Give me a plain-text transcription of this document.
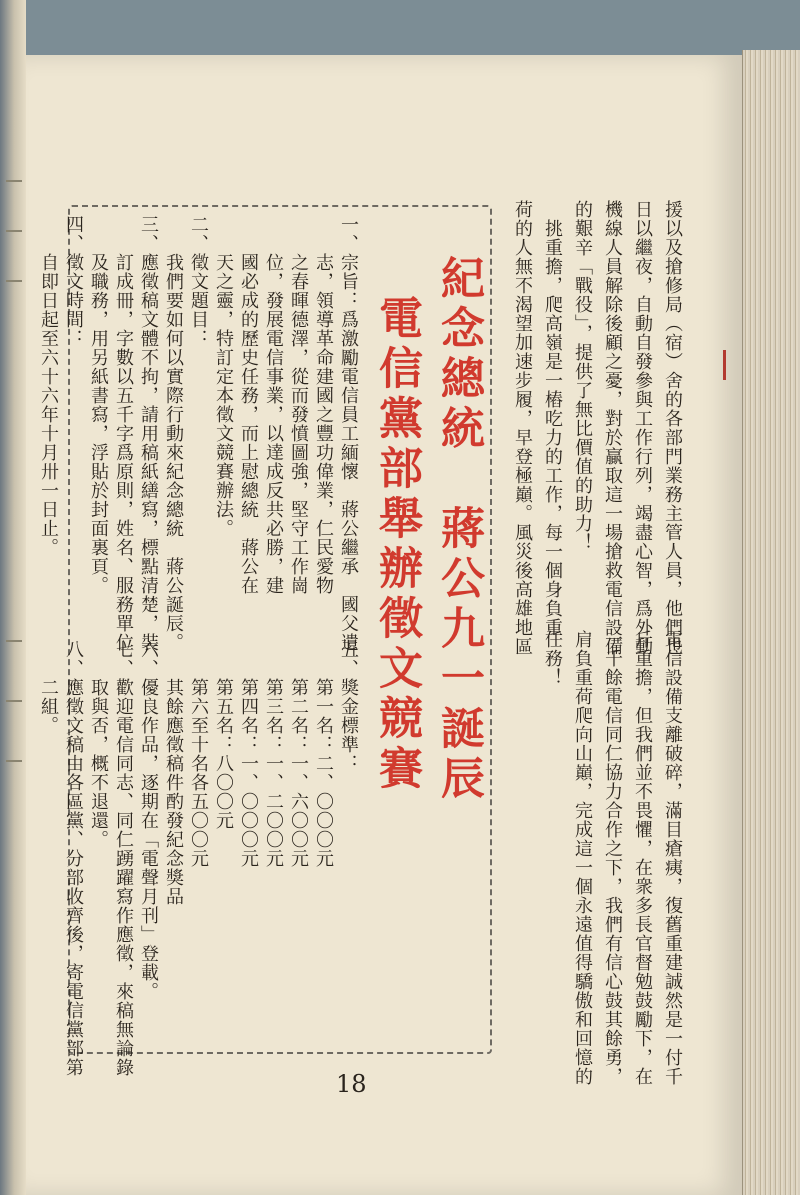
援以及搶修局（宿）舍的各部門業務主管人員，他們也
日以繼夜，自動自發參與工作行列，竭盡心智，爲外動
機線人員解除後顧之憂，對於贏取這一場搶救電信設備
的艱辛「戰役」，提供了無比價值的助力！
　挑重擔，爬高嶺是一樁吃力的工作，每一個身負重
荷的人無不渴望加速步履，早登極巔。風災後高雄地區
電信設備支離破碎，滿目瘡痍，復舊重建誠然是一付千
斤重擔，但我們並不畏懼，在衆多長官督勉鼓勵下，在
一千餘電信同仁協力合作之下，我們有信心鼓其餘勇，
肩負重荷爬向山巔，完成這一個永遠值得驕傲和回憶的
任務！
紀念總統　蔣公九一誕辰
電信黨部舉辦徵文競賽
一、宗旨：爲激勵電信員工緬懷　蔣公繼承　國父遺
　　志，領導革命建國之豐功偉業，仁民愛物
　　之春暉德澤，從而發憤圖強，堅守工作崗
　　位，發展電信事業，以達成反共必勝，建
　　國必成的歷史任務，而上慰總統　蔣公在
　　天之靈，特訂定本徵文競賽辦法。
二、徵文題目：
　　我們要如何以實際行動來紀念總統　蔣公誕辰。
三、應徵稿文體不拘，請用稿紙繕寫，標點清楚，裝
　　訂成冊，字數以五千字爲原則，姓名、服務單位
　　及職務，用另紙書寫，浮貼於封面裏頁。
四、徵文時間：
　　自即日起至六十六年十月卅一日止。
五、獎金標準：
　　第一名：二、〇〇〇元
　　第二名：一、六〇〇元
　　第三名：一、二〇〇元
　　第四名：一、〇〇〇元
　　第五名：八〇〇元
　　第六至十名各五〇〇元
　　其餘應徵稿件酌發紀念獎品
六、優良作品，逐期在「電聲月刊」登載。
七、歡迎電信同志、同仁踴躍寫作應徵，來稿無論錄
　　取與否，概不退還。
八、應徵文稿由各區黨、分部收齊後，寄電信黨部第
　　二組。
18
